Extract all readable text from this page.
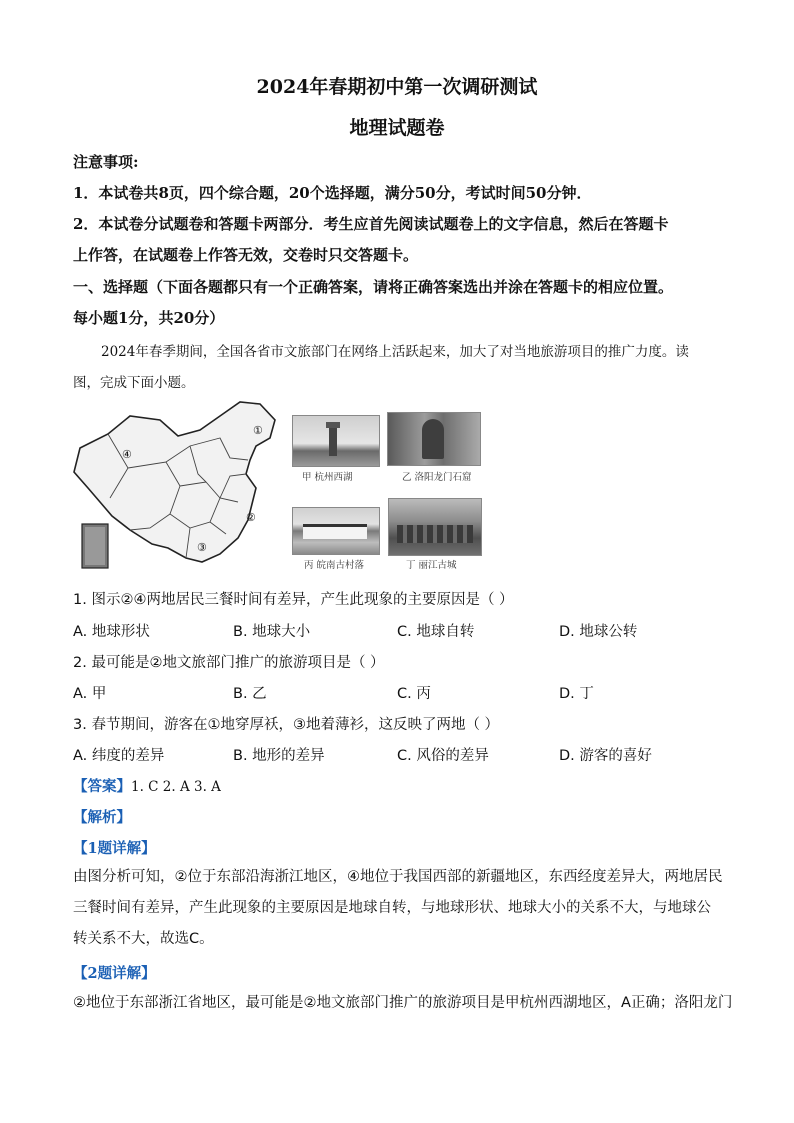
2024年春期初中第一次调研测试
地理试题卷
注意事项:
1．本试卷共8页，四个综合题，20个选择题，满分50分，考试时间50分钟．
2．本试卷分试题卷和答题卡两部分．考生应首先阅读试题卷上的文字信息，然后在答题卡
上作答，在试题卷上作答无效，交卷时只交答题卡。
一、选择题（下面各题都只有一个正确答案，请将正确答案选出并涂在答题卡的相应位置。
每小题1分，共20分）
2024年春季期间，全国各省市文旅部门在网络上活跃起来，加大了对当地旅游项目的推广力度。读
图，完成下面小题。
①
②
③
④
甲 杭州西湖	乙 洛阳龙门石窟
丙 皖南古村落	丁 丽江古城
1. 图示②④两地居民三餐时间有差异，产生此现象的主要原因是（ ）
A. 地球形状	B. 地球大小	C. 地球自转	D. 地球公转
2. 最可能是②地文旅部门推广的旅游项目是（ ）
A. 甲	B. 乙	C. 丙	D. 丁
3. 春节期间，游客在①地穿厚袄，③地着薄衫，这反映了两地（ ）
A. 纬度的差异	B. 地形的差异	C. 风俗的差异	D. 游客的喜好
【答案】1. C 2. A 3. A
【解析】
【1题详解】
由图分析可知，②位于东部沿海浙江地区，④地位于我国西部的新疆地区，东西经度差异大，两地居民三餐时间有差异，产生此现象的主要原因是地球自转，与地球形状、地球大小的关系不大，与地球公转关系不大，故选C。
【2题详解】
②地位于东部浙江省地区，最可能是②地文旅部门推广的旅游项目是甲杭州西湖地区，A正确；洛阳龙门
